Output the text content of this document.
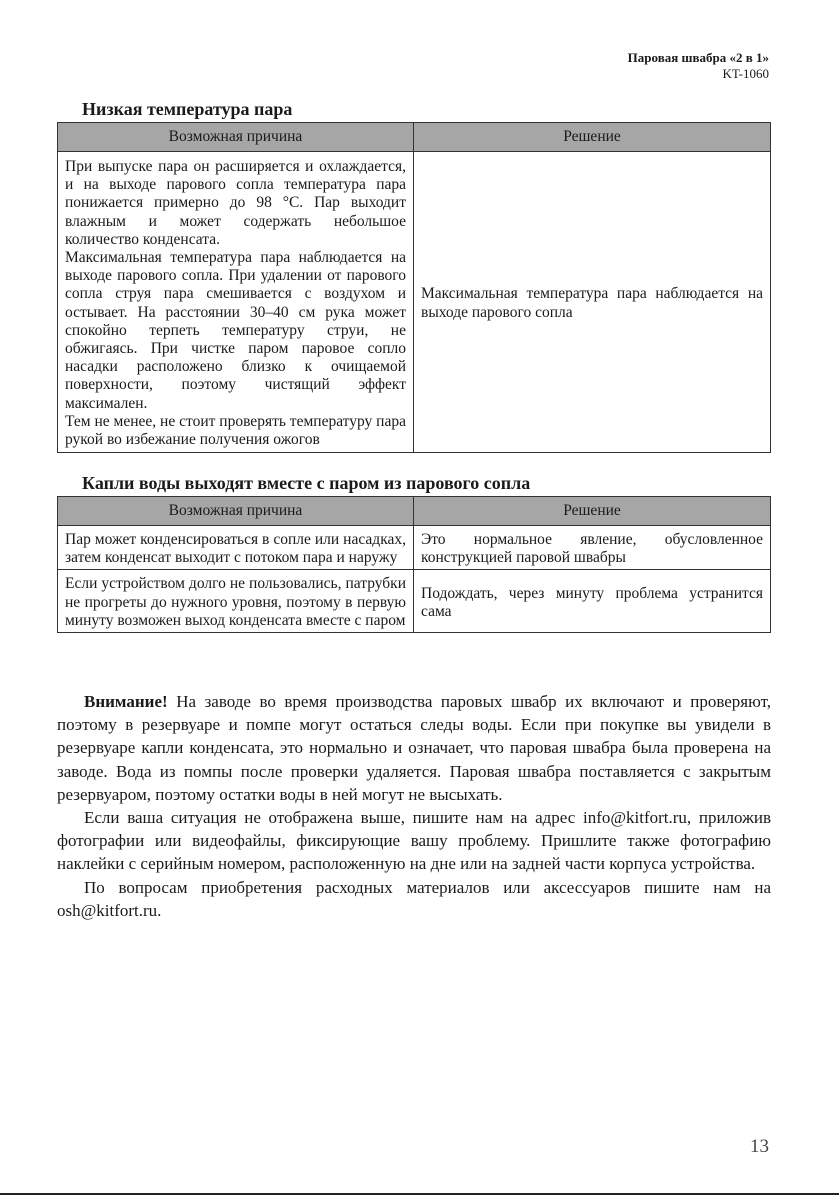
Паровая швабра «2 в 1»
KT-1060
Низкая температура пара
Возможная причина	Решение

При выпуске пара он расширяется и охлаждается, и на выходе парового сопла температура пара понижается примерно до 98 °С. Пар выходит влажным и может содержать небольшое количество конденсата.
Максимальная температура пара наблюдается на выходе парового сопла. При удалении от парового сопла струя пара смешивается с воздухом и остывает. На расстоянии 30–40 см рука может спокойно терпеть температуру струи, не обжигаясь. При чистке паром паровое сопло насадки расположено близко к очищаемой поверхности, поэтому чистящий эффект максимален.
Тем не менее, не стоит проверять температуру пара рукой во избежание получения ожогов	Максимальная температура пара наблюдается на выходе парового сопла
Капли воды выходят вместе с паром из парового сопла
Возможная причина	Решение
Пар может конденсироваться в сопле или насадках, затем конденсат выходит с потоком пара и наружу	Это нормальное явление, обусловленное конструкцией паровой швабры
Если устройством долго не пользовались, патрубки не прогреты до нужного уровня, поэтому в первую минуту возможен выход конденсата вместе с паром	Подождать, через минуту проблема устранится сама

Внимание! На заводе во время производства паровых швабр их включают и проверяют, поэтому в резервуаре и помпе могут остаться следы воды. Если при покупке вы увидели в резервуаре капли конденсата, это нормально и означает, что паровая швабра была проверена на заводе. Вода из помпы после проверки удаляется. Паровая швабра поставляется с закрытым резервуаром, поэтому остатки воды в ней могут не высыхать.

Если ваша ситуация не отображена выше, пишите нам на адрес info@kitfort.ru, приложив фотографии или видеофайлы, фиксирующие вашу проблему. Пришлите также фотографию наклейки с серийным номером, расположенную на дне или на задней части корпуса устройства.

По вопросам приобретения расходных материалов или аксессуаров пишите нам на osh@kitfort.ru.

13
